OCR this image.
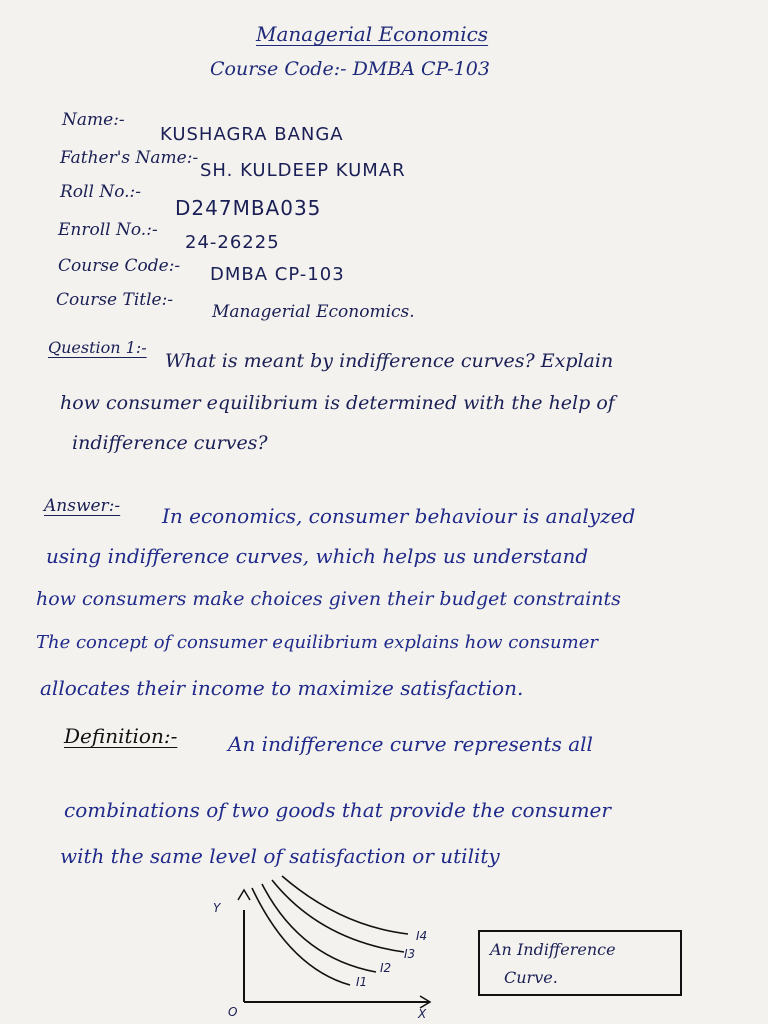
Managerial Economics
Course Code:- DMBA CP-103
Name:-
KUSHAGRA BANGA
Father's Name:-
SH. KULDEEP KUMAR
Roll No.:-
D247MBA035
Enroll No.:-
24-26225
Course Code:- DMBA CP-103
Course Title:-
Managerial Economics.
Question 1:-
What is meant by indifference curves? Explain
how consumer equilibrium is determined with the help of
indifference curves?
Answer:- In economics, consumer behaviour is analyzed
using indifference curves, which helps us understand
how consumers make choices given their budget constraints
The concept of consumer equilibrium explains how consumer
allocates their income to maximize satisfaction.
Definition:-	An indifference curve represents all
combinations of two goods that provide the consumer
with the same level of satisfaction or utility
Y
X
O
I1
I2
I3
I4
An Indifference
Curve.
